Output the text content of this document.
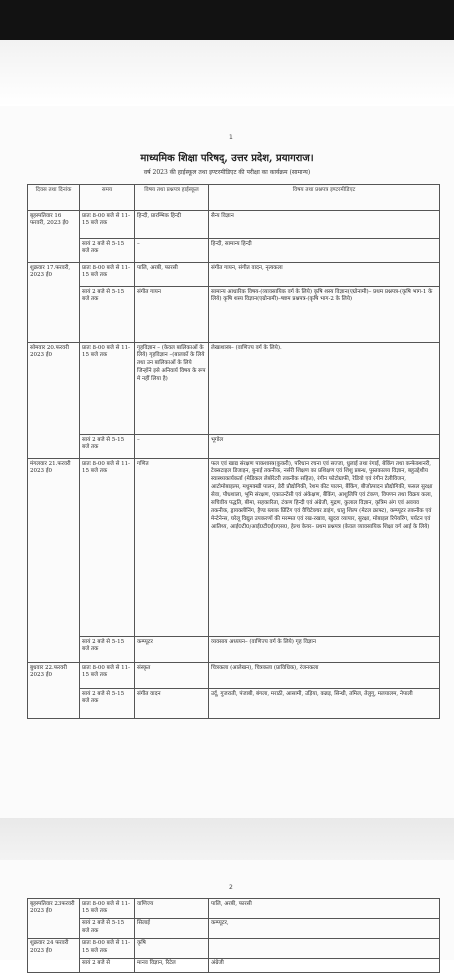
1
माध्यमिक शिक्षा परिषद्, उत्तर प्रदेश, प्रयागराज।
वर्ष 2023 की हाईस्कूल तथा इण्टरमीडिएट की परीक्षा का कार्यक्रम (सामान्य)
दिवस तथा दिनांक	समय	विषय तथा प्रश्नपत्र हाईस्कूल	विषय तथा प्रश्नपत्र इण्टरमीडिएट
बृहस्पतिवार 16 फरवरी, 2023 ई0	प्रातः 8-00 बजे से 11-15 बजे तक	हिन्दी, प्रारम्भिक हिन्दी	सैन्य विज्ञान
	सायं 2 बजे से 5-15 बजे तक	–	हिन्दी, सामान्य हिन्दी
शुक्रवार 17.फरवरी, 2023 ई0	प्रातः 8-00 बजे से 11-15 बजे तक	पालि, अरबी, फारसी	संगीत गायन, संगीत वादन, नृत्यकला
	सायं 2 बजे से 5-15 बजे तक	संगीत गायन	सामान्य आधारिक विषय-(व्यावसायिक वर्ग के लिये) कृषि शस्य विज्ञान(एग्रोनामी)– प्रथम प्रश्नपत्र-(कृषि भाग-1 के लिये) कृषि शस्य विज्ञान(एग्रोनामी)–षष्टम प्रश्नपत्र-(कृषि भाग-2 के लिये)
सोमवार 20.फरवरी 2023 ई0	प्रातः 8-00 बजे से 11-15 बजे तक	गृहविज्ञान – (केवल बालिकाओं के लिये) गृहविज्ञान –(बालकों के लिये तथा उन बालिकाओं के लिये जिन्होंने इसे अनिवार्य विषय के रूप मे नहीं लिया है)	लेखाशास्त्र– (वाणिज्य वर्ग के लिये).
	सायं 2 बजे से 5-15 बजे तक	–	भूगोल
मंगलवार 21.फरवरी 2023 ई0	प्रातः 8-00 बजे से 11-15 बजे तक	गणित	फल एवं खाद्य संरक्षण पाकशास्त्र(कुकरी), परिधान रचना एवं सज्जा, धुलाई तथा रंगाई, बेकिंग तथा कन्फेक्शनरी, टेक्सटाइल डिजाइन, बुनाई तकनीक, नर्सरी शिक्षण का प्रशिक्षण एवं शिशु प्रबन्ध, पुस्तकालय विज्ञान, बहुउद्देशीय स्वास्थ्यकार्यकर्ता (मेडिकल लेबोरेटरी तकनीक सहित), रंगीन फोटोग्राफी, रेडियो एवं रंगीन टेलीविजन, आटोमोबाइल्स, मधुमक्खी पालन, डेरी प्रौद्योगिकी, रेशम कीट पालन, बैंकिंग, बीजोत्पादन प्रौद्योगिकी, फसल सुरक्षा सेवा, पौधशाला, भूमि संरक्षण, एकाउन्टेंसी एवं अंकेक्षण, बैंकिंग, आशुलिपि एवं टंकण, विपणन तथा विक्रय कला, सचिवीय पद्धति, बीमा, सहकारिता, टंकण हिन्दी एवं अंग्रेजी, मुद्रण, कुलाल विज्ञान, कृत्रिम अंग एवं अवयव तकनीक, ड्रायक्लीनिंग, हैण्ड ब्लाक प्रिंटिंग एवं वैचिटेक्चर डाइंग, धातु शिल्प (मेटल क्राफ्ट), कम्प्यूटर तकनीक एवं मेन्टेनेन्स, घरेलू विद्युत उपकरणों की मरम्मत एवं रख-रखाव, खुदरा व्यापार, सुरक्षा, मोबाइल रिपेयरिंग, पर्यटन एवं आतिथ्य, आई0टी0/आई0टी0ई0एस0, हेल्थ केयर– प्रथम प्रश्नपत्र (केवल व्यावसायिक शिक्षा वर्ग आई के लिये)
	सायं 2 बजे से 5-15 बजे तक	कम्प्यूटर	व्यवसाय अध्ययन– (वाणिज्य वर्ग के लिये) गृह विज्ञान
बुधवार 22.फरवरी 2023 ई0	प्रातः 8-00 बजे से 11-15 बजे तक	संस्कृत	चित्रकला (आलेखन), चित्रकला (प्राविधिक), रंजनकला
	सायं 2 बजे से 5-15 बजे तक	संगीत वादन	उर्दू, गुजराती, पंजाबी, बंगला, मराठी, आसामी, उड़िया, कन्नड़, सिन्धी, तमिल, तेलुगू, मलयालम, नेपाली
2
बृहस्पतिवार 23फरवरी 2023 ई0	प्रातः 8-00 बजे से 11-15 बजे तक	वाणिज्य	पालि, अरबी, फारसी
	सायं 2 बजे से 5-15 बजे तक	सिलाई	कम्प्यूटर,
शुक्रवार 24 फरवरी 2023 ई0	प्रातः 8-00 बजे से 11-15 बजे तक	कृषि	
	सायं 2 बजे से	मानव विज्ञान, रिटेल	अंग्रेजी
